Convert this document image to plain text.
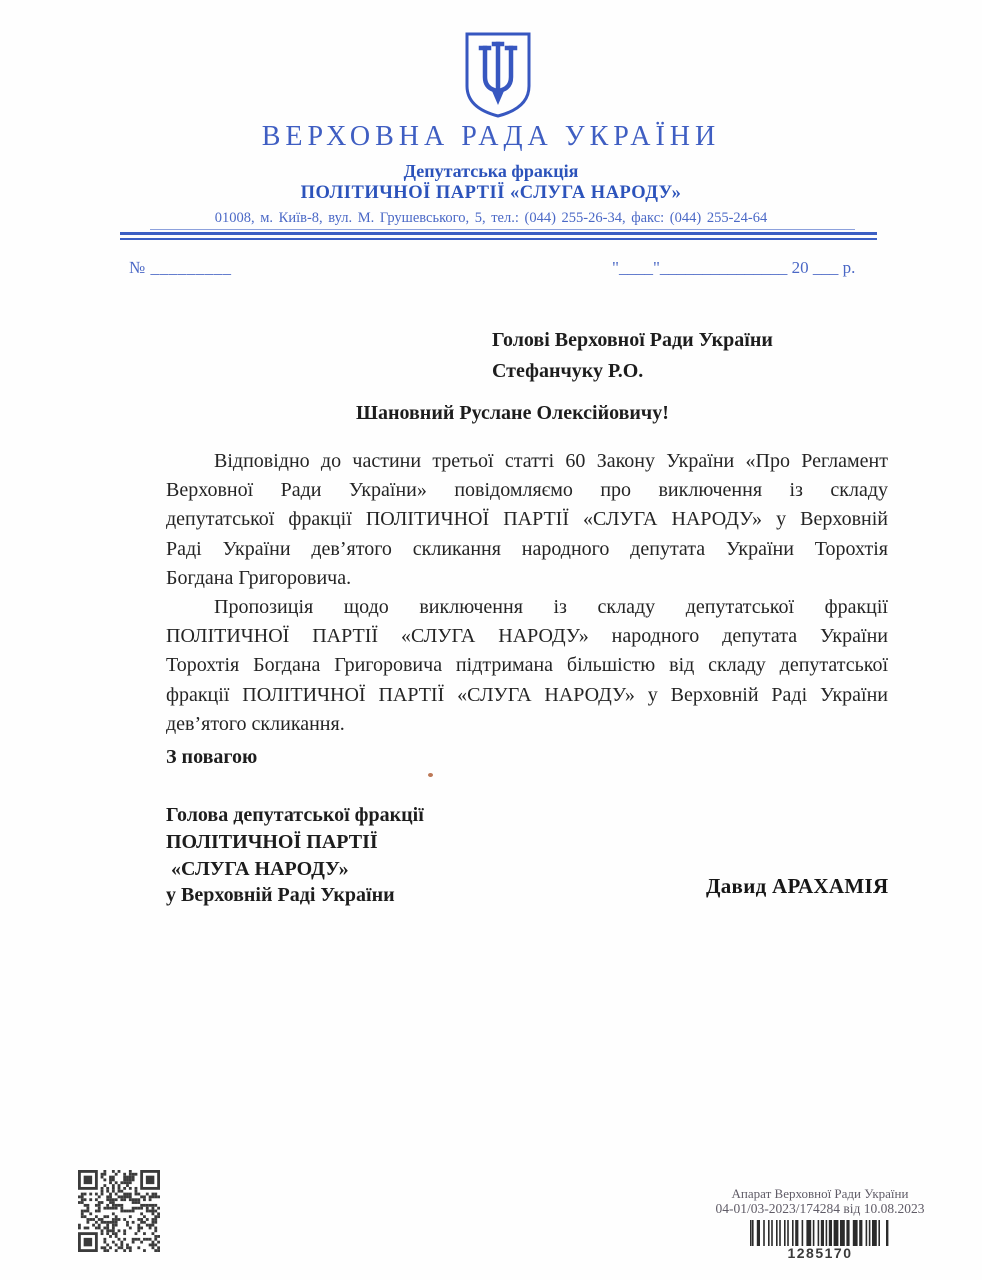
ВЕРХОВНА РАДА УКРАЇНИ
Депутатська фракція
ПОЛІТИЧНОЇ ПАРТІЇ «СЛУГА НАРОДУ»
01008, м. Київ-8, вул. М. Грушевського, 5, тел.: (044) 255-26-34, факс: (044) 255-24-64
№ _________	"____"_______________ 20 ___ р.
Голові Верховної Ради України
Стефанчуку Р.О.
Шановний Руслане Олексійовичу!
Відповідно до частини третьої статті 60 Закону України «Про Регламент
Верховної Ради України» повідомляємо про виключення із складу
депутатської фракції ПОЛІТИЧНОЇ ПАРТІЇ «СЛУГА НАРОДУ» у Верховній
Раді України дев’ятого скликання народного депутата України Торохтія
Богдана Григоровича.
Пропозиція щодо виключення із складу депутатської фракції
ПОЛІТИЧНОЇ ПАРТІЇ «СЛУГА НАРОДУ» народного депутата України
Торохтія Богдана Григоровича підтримана більшістю від складу депутатської
фракції ПОЛІТИЧНОЇ ПАРТІЇ «СЛУГА НАРОДУ» у Верховній Раді України
дев’ятого скликання.
З повагою
Голова депутатської фракції
ПОЛІТИЧНОЇ ПАРТІЇ
«СЛУГА НАРОДУ»
у Верховній Раді України	Давид АРАХАМІЯ
Апарат Верховної Ради України
04-01/03-2023/174284 від 10.08.2023
1285170
